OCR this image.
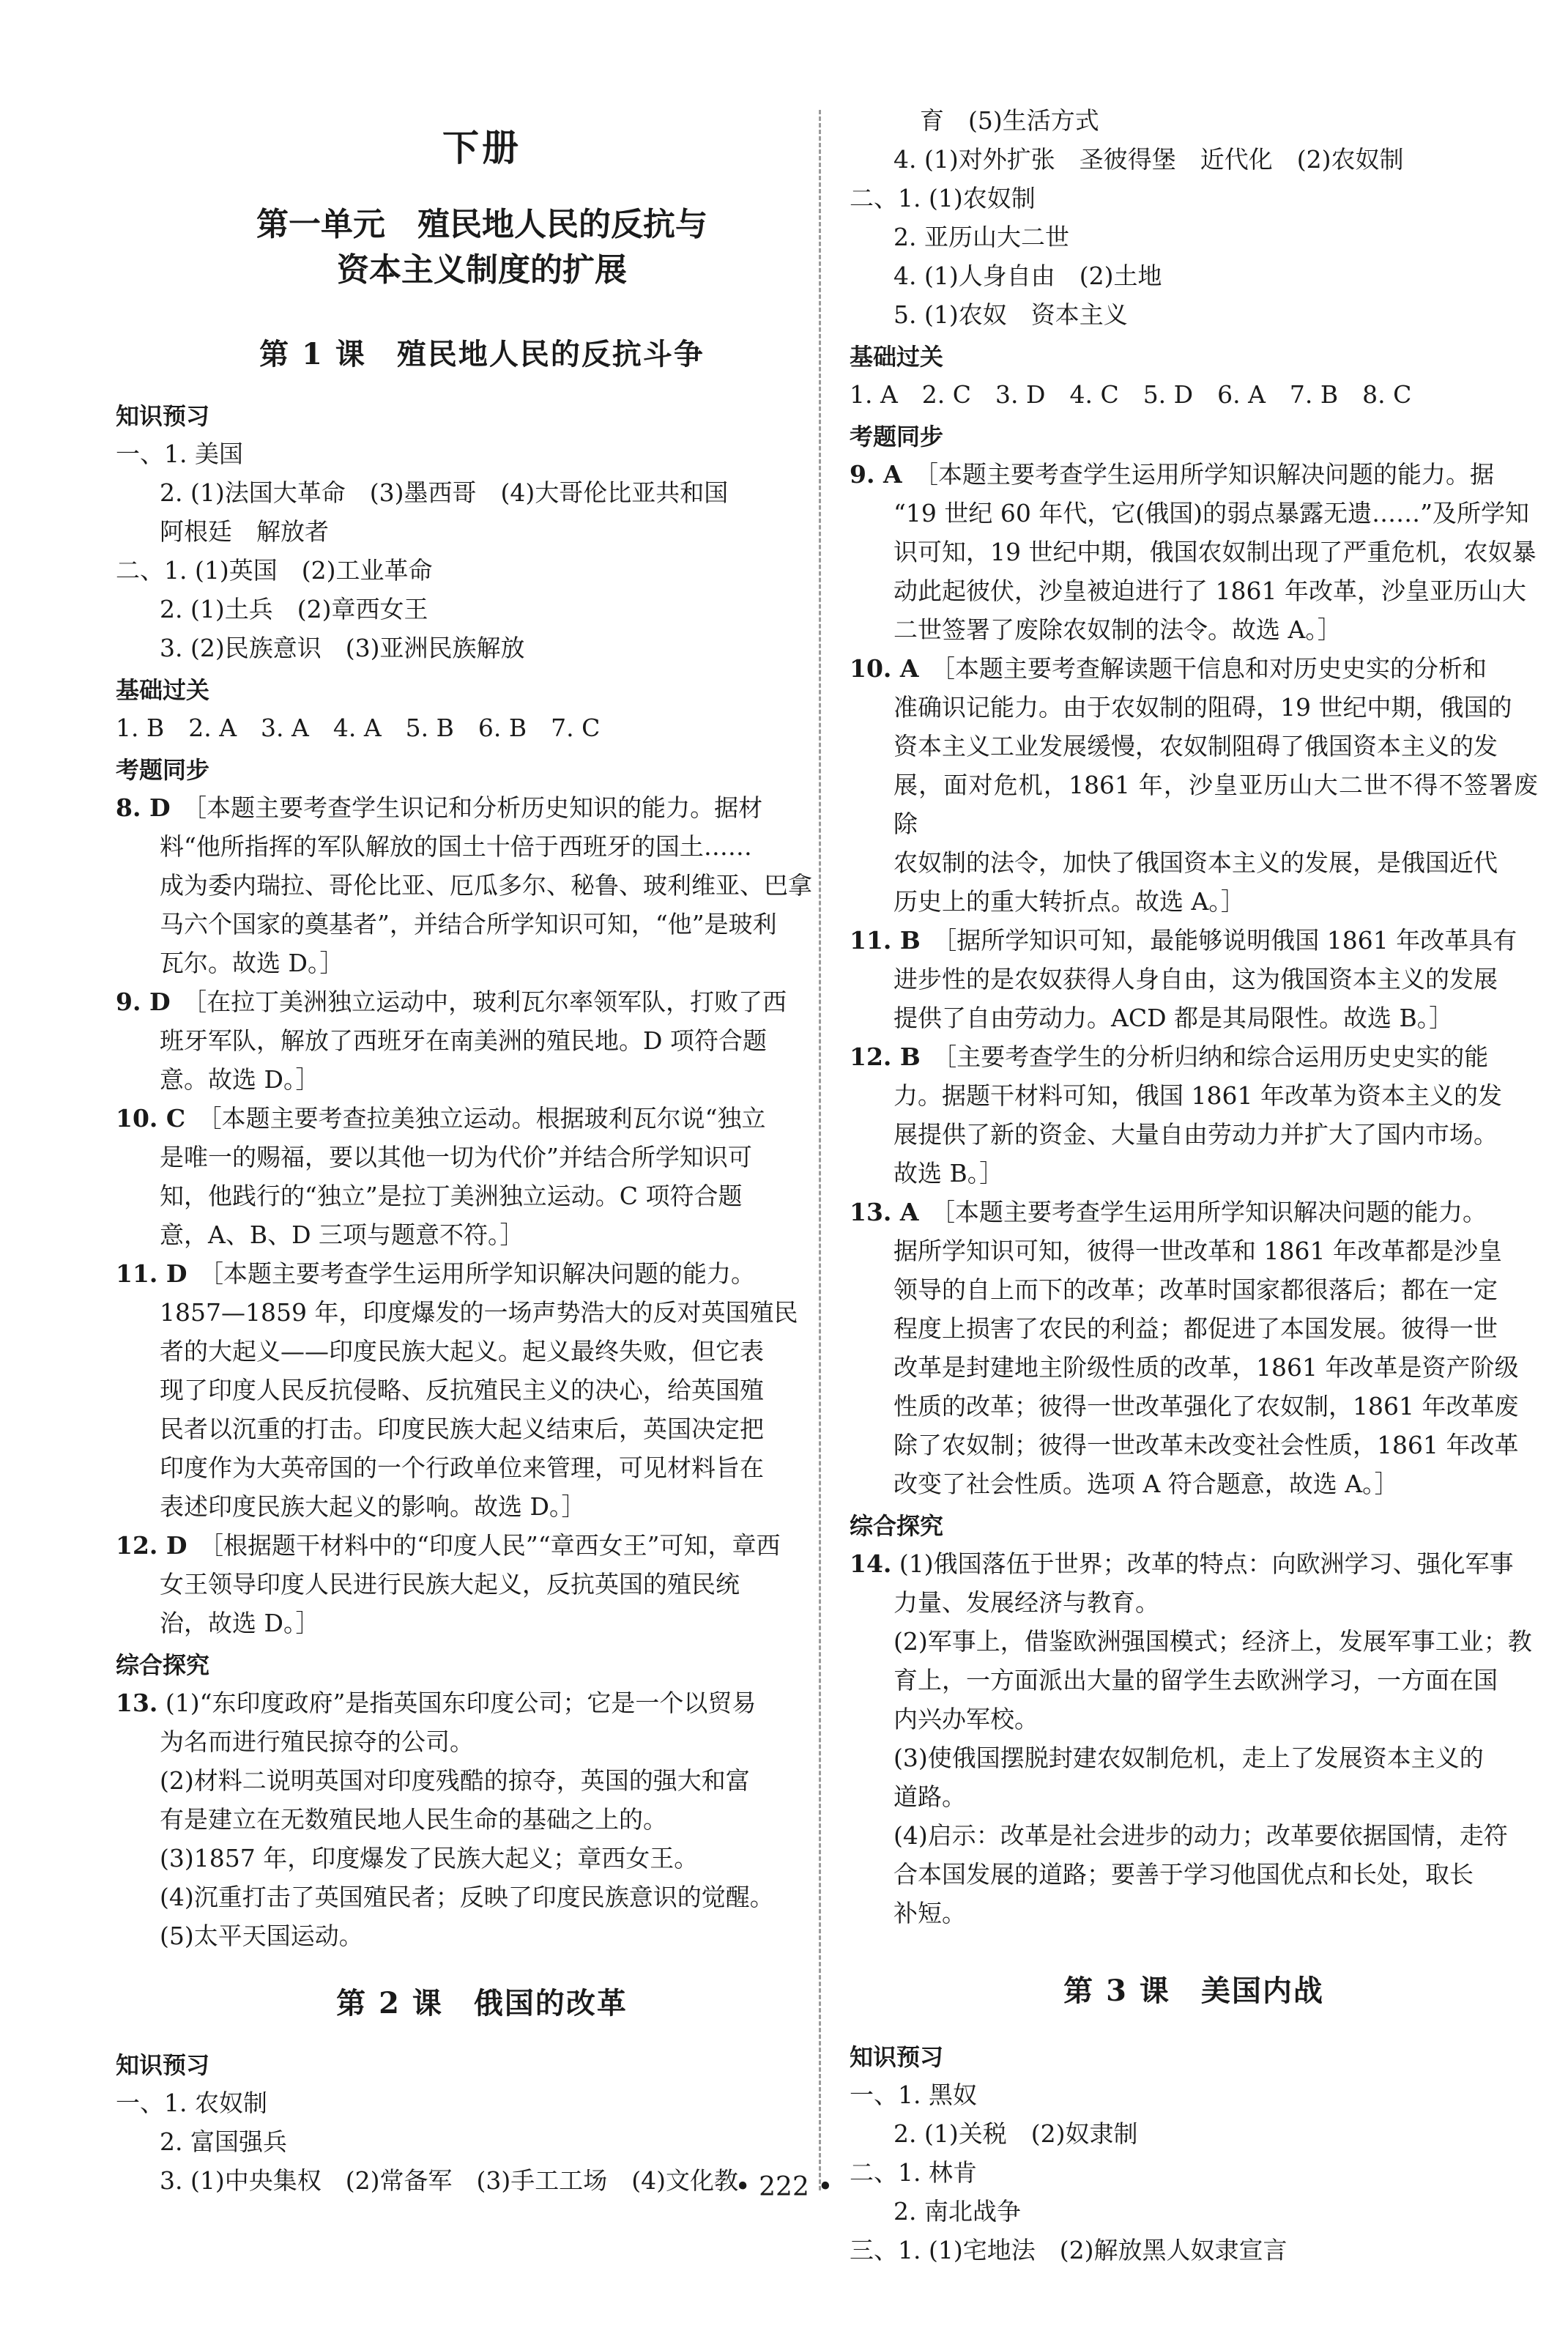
下册
第一单元　殖民地人民的反抗与
资本主义制度的扩展
第 1 课　殖民地人民的反抗斗争
知识预习
一、1. 美国
2. (1)法国大革命　(3)墨西哥　(4)大哥伦比亚共和国
阿根廷　解放者
二、1. (1)英国　(2)工业革命
2. (1)土兵　(2)章西女王
3. (2)民族意识　(3)亚洲民族解放
基础过关
1. B　2. A　3. A　4. A　5. B　6. B　7. C
考题同步
8. D　 ［本题主要考查学生识记和分析历史知识的能力。据材
料“他所指挥的军队解放的国土十倍于西班牙的国土……
成为委内瑞拉、哥伦比亚、厄瓜多尔、秘鲁、玻利维亚、巴拿
马六个国家的奠基者”，并结合所学知识可知，“他”是玻利
瓦尔。故选 D。］
9. D　 ［在拉丁美洲独立运动中，玻利瓦尔率领军队，打败了西
班牙军队，解放了西班牙在南美洲的殖民地。D 项符合题
意。故选 D。］
10. C　 ［本题主要考查拉美独立运动。根据玻利瓦尔说“独立
是唯一的赐福，要以其他一切为代价”并结合所学知识可
知，他践行的“独立”是拉丁美洲独立运动。C 项符合题
意，A、B、D 三项与题意不符。］
11. D　 ［本题主要考查学生运用所学知识解决问题的能力。
1857—1859 年，印度爆发的一场声势浩大的反对英国殖民
者的大起义——印度民族大起义。起义最终失败，但它表
现了印度人民反抗侵略、反抗殖民主义的决心，给英国殖
民者以沉重的打击。印度民族大起义结束后，英国决定把
印度作为大英帝国的一个行政单位来管理，可见材料旨在
表述印度民族大起义的影响。故选 D。］
12. D　 ［根据题干材料中的“印度人民”“章西女王”可知，章西
女王领导印度人民进行民族大起义，反抗英国的殖民统
治，故选 D。］
综合探究
13. (1)“东印度政府”是指英国东印度公司；它是一个以贸易
为名而进行殖民掠夺的公司。
(2)材料二说明英国对印度残酷的掠夺，英国的强大和富
有是建立在无数殖民地人民生命的基础之上的。
(3)1857 年，印度爆发了民族大起义；章西女王。
(4)沉重打击了英国殖民者；反映了印度民族意识的觉醒。
(5)太平天国运动。
第 2 课　俄国的改革
知识预习
一、1. 农奴制
2. 富国强兵
3. (1)中央集权　(2)常备军　(3)手工工场　(4)文化教
育　(5)生活方式
4. (1)对外扩张　圣彼得堡　近代化　(2)农奴制
二、1. (1)农奴制
2. 亚历山大二世
4. (1)人身自由　(2)土地
5. (1)农奴　资本主义
基础过关
1. A　2. C　3. D　4. C　5. D　6. A　7. B　8. C
考题同步
9. A　 ［本题主要考查学生运用所学知识解决问题的能力。据
“19 世纪 60 年代，它(俄国)的弱点暴露无遗……”及所学知
识可知，19 世纪中期，俄国农奴制出现了严重危机，农奴暴
动此起彼伏，沙皇被迫进行了 1861 年改革，沙皇亚历山大
二世签署了废除农奴制的法令。故选 A。］
10. A　 ［本题主要考查解读题干信息和对历史史实的分析和
准确识记能力。由于农奴制的阻碍，19 世纪中期，俄国的
资本主义工业发展缓慢，农奴制阻碍了俄国资本主义的发
展，面对危机，1861 年，沙皇亚历山大二世不得不签署废除
农奴制的法令，加快了俄国资本主义的发展，是俄国近代
历史上的重大转折点。故选 A。］
11. B　 ［据所学知识可知，最能够说明俄国 1861 年改革具有
进步性的是农奴获得人身自由，这为俄国资本主义的发展
提供了自由劳动力。ACD 都是其局限性。故选 B。］
12. B　 ［主要考查学生的分析归纳和综合运用历史史实的能
力。据题干材料可知，俄国 1861 年改革为资本主义的发
展提供了新的资金、大量自由劳动力并扩大了国内市场。
故选 B。］
13. A　 ［本题主要考查学生运用所学知识解决问题的能力。
据所学知识可知，彼得一世改革和 1861 年改革都是沙皇
领导的自上而下的改革；改革时国家都很落后；都在一定
程度上损害了农民的利益；都促进了本国发展。彼得一世
改革是封建地主阶级性质的改革，1861 年改革是资产阶级
性质的改革；彼得一世改革强化了农奴制，1861 年改革废
除了农奴制；彼得一世改革未改变社会性质，1861 年改革
改变了社会性质。选项 A 符合题意，故选 A。］
综合探究
14. (1)俄国落伍于世界；改革的特点：向欧洲学习、强化军事
力量、发展经济与教育。
(2)军事上，借鉴欧洲强国模式；经济上，发展军事工业；教
育上，一方面派出大量的留学生去欧洲学习，一方面在国
内兴办军校。
(3)使俄国摆脱封建农奴制危机，走上了发展资本主义的
道路。
(4)启示：改革是社会进步的动力；改革要依据国情，走符
合本国发展的道路；要善于学习他国优点和长处，取长
补短。
第 3 课　美国内战
知识预习
一、1. 黑奴
2. (1)关税　(2)奴隶制
二、1. 林肯
2. 南北战争
三、1. (1)宅地法　(2)解放黑人奴隶宣言
• 222 •
